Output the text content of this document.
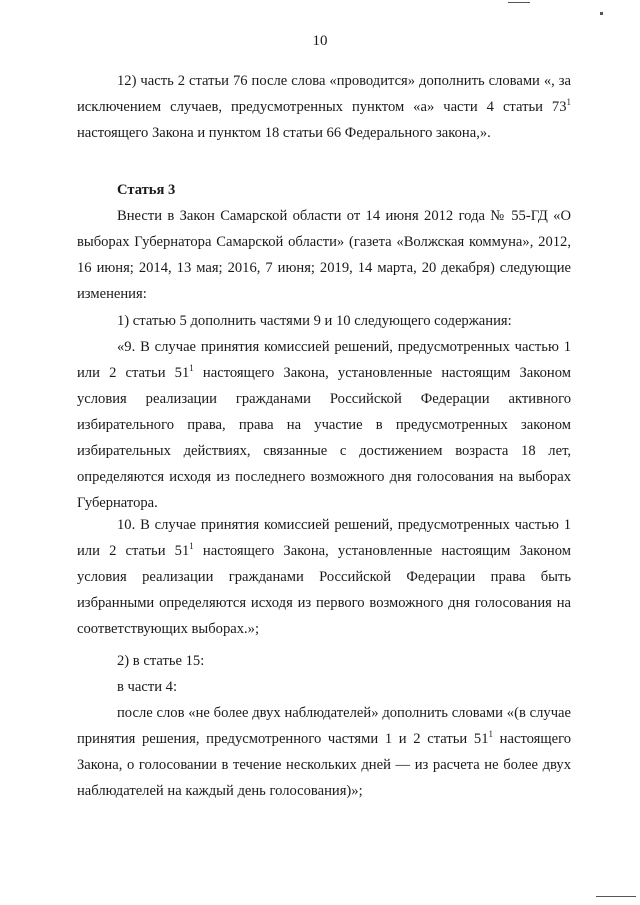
10

12) часть 2 статьи 76 после слова «проводится» дополнить словами «, за исключением случаев, предусмотренных пунктом «а» части 4 статьи $73^1$ настоящего Закона и пунктом 18 статьи 66 Федерального закона,».

Статья 3

Внести в Закон Самарской области от 14 июня 2012 года № 55-ГД «О выборах Губернатора Самарской области» (газета «Волжская коммуна», 2012, 16 июня; 2014, 13 мая; 2016, 7 июня; 2019, 14 марта, 20 декабря) следующие изменения:

1) статью 5 дополнить частями 9 и 10 следующего содержания:

«9. В случае принятия комиссией решений, предусмотренных частью 1 или 2 статьи $51^1$ настоящего Закона, установленные настоящим Законом условия реализации гражданами Российской Федерации активного избирательного права, права на участие в предусмотренных законом избирательных действиях, связанные с достижением возраста 18 лет, определяются исходя из последнего возможного дня голосования на выборах Губернатора.

10. В случае принятия комиссией решений, предусмотренных частью 1 или 2 статьи $51^1$ настоящего Закона, установленные настоящим Законом условия реализации гражданами Российской Федерации права быть избранными определяются исходя из первого возможного дня голосования на соответствующих выборах.»;

2) в статье 15:
в части 4:

после слов «не более двух наблюдателей» дополнить словами «(в случае принятия решения, предусмотренного частями 1 и 2 статьи $51^1$ настоящего Закона, о голосовании в течение нескольких дней — из расчета не более двух наблюдателей на каждый день голосования)»;
